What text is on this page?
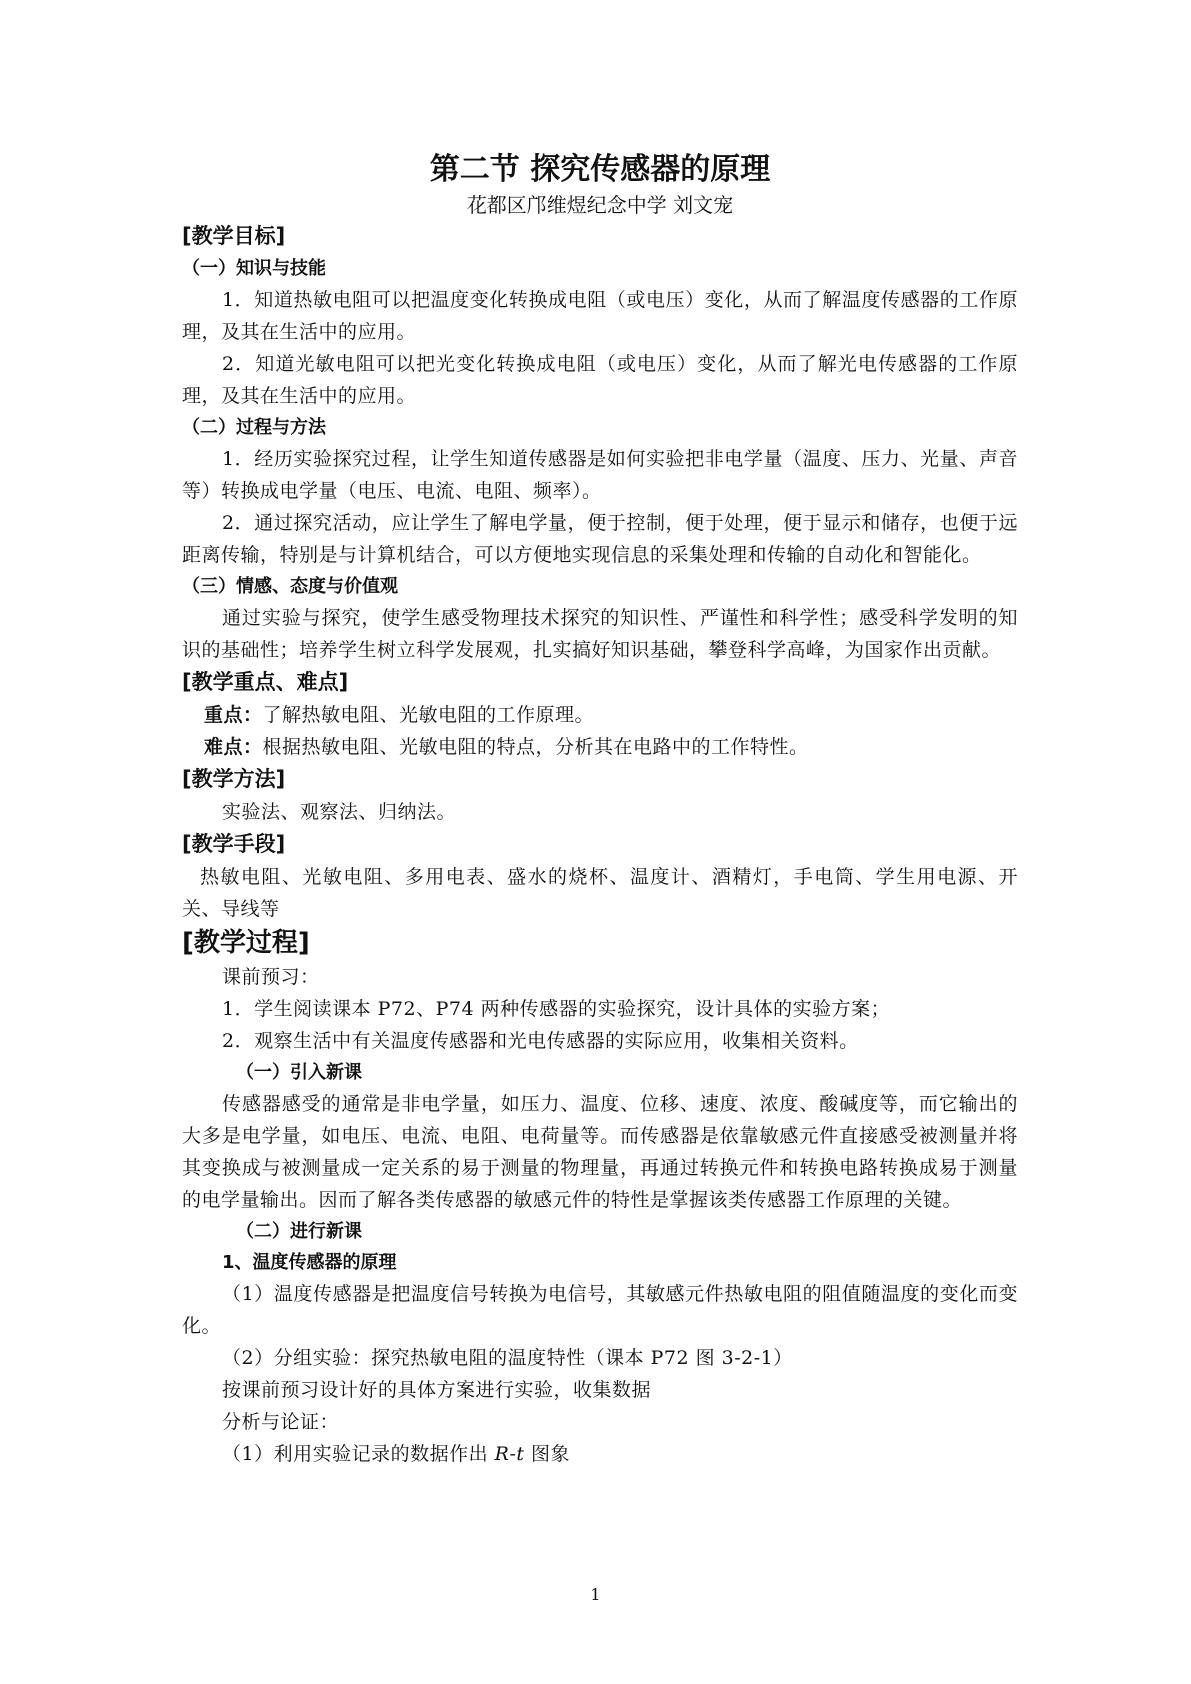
第二节 探究传感器的原理
花都区邝维煜纪念中学 刘文宠
[教学目标]
（一）知识与技能

1．知道热敏电阻可以把温度变化转换成电阻（或电压）变化，从而了解温度传感器的工作原理，及其在生活中的应用。

2．知道光敏电阻可以把光变化转换成电阻（或电压）变化，从而了解光电传感器的工作原理，及其在生活中的应用。

（二）过程与方法

1．经历实验探究过程，让学生知道传感器是如何实验把非电学量（温度、压力、光量、声音等）转换成电学量（电压、电流、电阻、频率）。

2．通过探究活动，应让学生了解电学量，便于控制，便于处理，便于显示和储存，也便于远距离传输，特别是与计算机结合，可以方便地实现信息的采集处理和传输的自动化和智能化。

（三）情感、态度与价值观

通过实验与探究，使学生感受物理技术探究的知识性、严谨性和科学性；感受科学发明的知识的基础性；培养学生树立科学发展观，扎实搞好知识基础，攀登科学高峰，为国家作出贡献。

[教学重点、难点]
重点：了解热敏电阻、光敏电阻的工作原理。
难点：根据热敏电阻、光敏电阻的特点，分析其在电路中的工作特性。
[教学方法]
实验法、观察法、归纳法。
[教学手段]

热敏电阻、光敏电阻、多用电表、盛水的烧杯、温度计、酒精灯，手电筒、学生用电源、开关、导线等

[教学过程]
课前预习：
1．学生阅读课本 P72、P74 两种传感器的实验探究，设计具体的实验方案；
2．观察生活中有关温度传感器和光电传感器的实际应用，收集相关资料。
（一）引入新课

传感器感受的通常是非电学量，如压力、温度、位移、速度、浓度、酸碱度等，而它输出的大多是电学量，如电压、电流、电阻、电荷量等。而传感器是依靠敏感元件直接感受被测量并将其变换成与被测量成一定关系的易于测量的物理量，再通过转换元件和转换电路转换成易于测量的电学量输出。因而了解各类传感器的敏感元件的特性是掌握该类传感器工作原理的关键。

（二）进行新课
1、温度传感器的原理

（1）温度传感器是把温度信号转换为电信号，其敏感元件热敏电阻的阻值随温度的变化而变化。

（2）分组实验：探究热敏电阻的温度特性（课本 P72 图 3-2-1）
按课前预习设计好的具体方案进行实验，收集数据
分析与论证：
（1）利用实验记录的数据作出 R-t 图象
1
